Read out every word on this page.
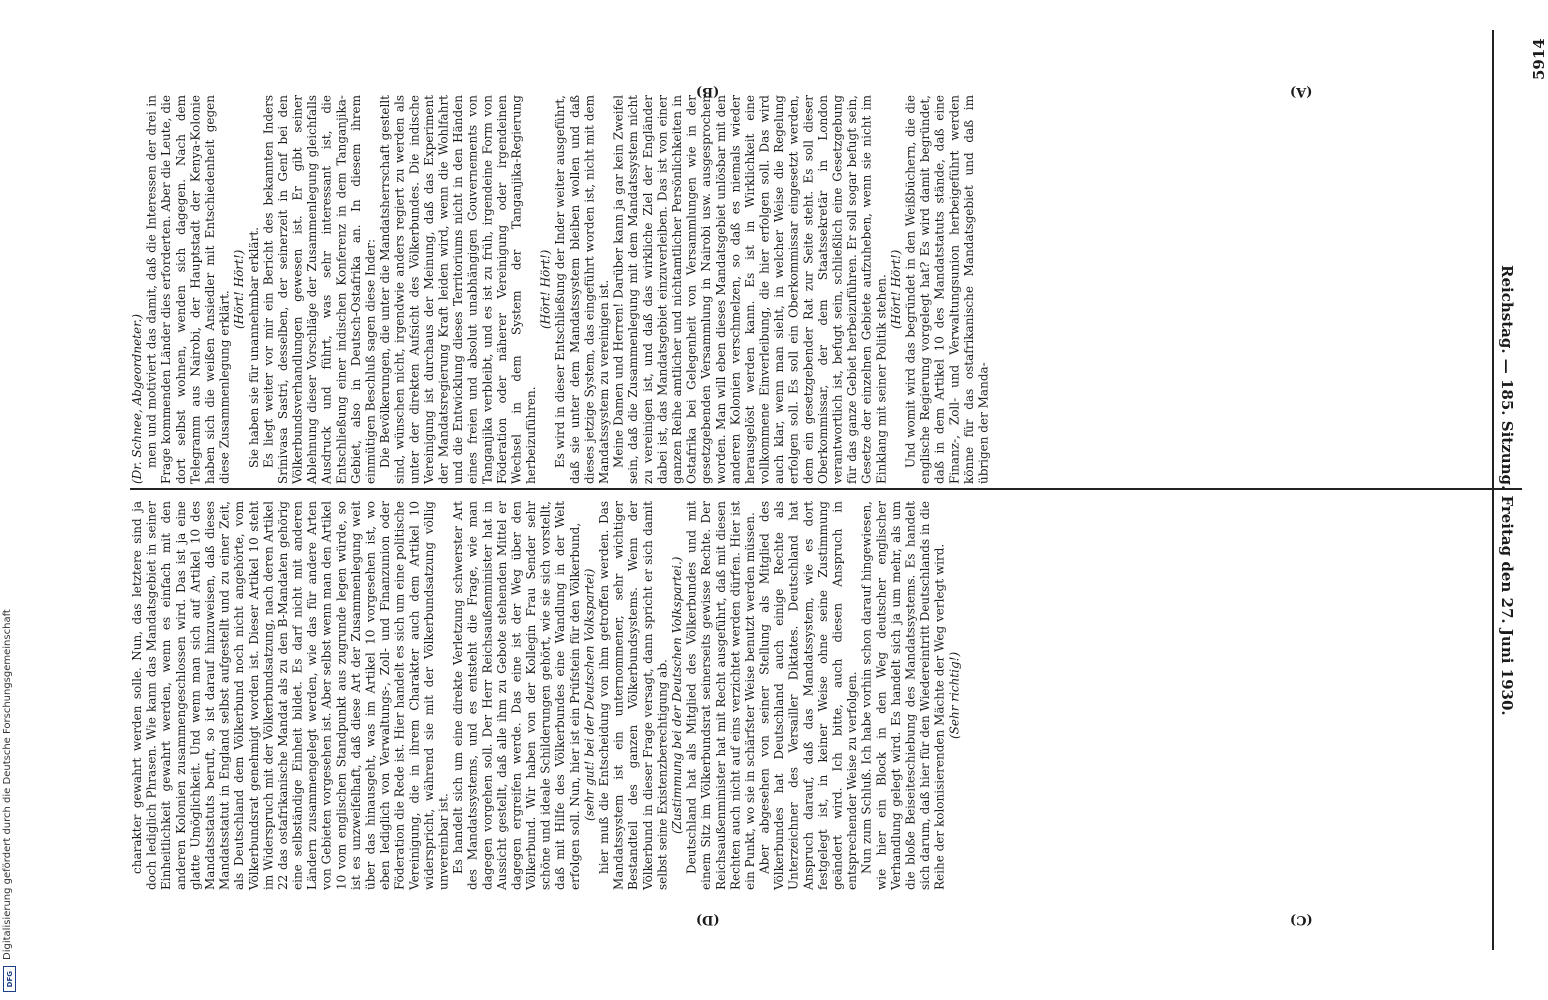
5914

(Dr. Schnee, Abgeordneter.) men und motiviert das damit, daß die Interessen der drei in Frage kommenden Länder dies erforderten. Aber die Leute, die dort selbst wohnen, wenden sich dagegen. Nach dem Telegramm aus Nairobi, der Hauptstadt der Kenya-Kolonie haben sich die weißen Ansiedler mit Entschiedenheit gegen diese Zusammenlegung erklärt.

(Hört! Hört!) Sie haben sie für unannehmbar erklärt. Es liegt weiter vor mir ein Bericht des bekannten Inders Srinivasa Sastri, desselben, der seinerzeit in Genf bei den Völkerbundsverhandlungen gewesen ist. Er gibt seiner Ablehnung dieser Vorschläge der Zusammenlegung gleichfalls Ausdruck und führt, was sehr interessant ist, die Entschließung einer indischen Konferenz in dem Tanganjika-Gebiet, also in Deutsch-Ostafrika an. In diesem ihrem einmütigen Beschluß sagen diese Inder: Die Bevölkerungen, die unter die Mandatsherrschaft gestellt sind, wünschen nicht, irgendwie anders regiert zu werden als unter der direkten Aufsicht des Völkerbundes. Die indische Vereinigung ist durchaus der Meinung, daß das Experiment der Mandatsregierung Kraft leiden wird, wenn die Wohlfahrt und die Entwicklung dieses Territoriums nicht in den Händen eines freien und absolut unabhängigen Gouvernements von Tanganjika verbleibt, und es ist zu früh, irgendeine Form von Föderation oder näherer Vereinigung oder irgendeinen Wechsel in dem System der Tanganjika-Regierung herbeizuführen.

(Hört! Hört!) Es wird in dieser Entschließung der Inder weiter ausgeführt, daß sie unter dem Mandatssystem bleiben wollen und daß dieses jetzige System, das eingeführt worden ist, nicht mit dem Mandatssystem zu vereinigen ist. Meine Damen und Herren! Darüber kann ja gar kein Zweifel sein, daß die Zusammenlegung mit dem Mandatssystem nicht zu vereinigen ist, und daß das wirkliche Ziel der Engländer dabei ist, das Mandatsgebiet einzuverleiben. Das ist von einer ganzen Reihe amtlicher und nichtamtlicher Persönlichkeiten in Ostafrika bei Gelegenheit von Versammlungen wie in der gesetzgebenden Versammlung in Nairobi usw. ausgesprochen worden. Man will eben dieses Mandatsgebiet unlösbar mit den anderen Kolonien verschmelzen, so daß es niemals wieder herausgelöst werden kann. Es ist in Wirklichkeit eine vollkommene Einverleibung, die hier erfolgen soll. Das wird auch klar, wenn man sieht, in welcher Weise die Regelung erfolgen soll. Es soll ein Oberkommissar eingesetzt werden, dem ein gesetzgebender Rat zur Seite steht. Es soll dieser Oberkommissar, der dem Staatssekretär in London verantwortlich ist, befugt sein, schließlich eine Gesetzgebung für das ganze Gebiet herbeizuführen. Er soll sogar befugt sein, Gesetze der einzelnen Gebiete aufzuheben, wenn sie nicht im Einklang mit seiner Politik stehen. (Hört! Hört!) Und womit wird das begründet in den Weißbüchern, die die englische Regierung vorgelegt hat? Es wird damit begründet, daß in dem Artikel 10 des Mandatstatuts stände, daß eine Finanz-, Zoll- und Verwaltungsunion herbeigeführt werden könne für das ostafrikanische Mandatsgebiet und daß im übrigen der Manda-

charakter gewahrt werden solle. Nun, das letztere sind ja doch lediglich Phrasen. Wie kann das Mandatsgebiet in seiner Einheitlichkeit gewahrt werden, wenn es einfach mit den anderen Kolonien zusammengeschlossen wird. Das ist ja eine glatte Umöglichkeit. Und wenn man sich auf Artikel 10 des Mandatsstatuts beruft, so ist darauf hinzuweisen, daß dieses Mandatsstatut in England selbst aufgestellt und zu einer Zeit, als Deutschland dem Völkerbund noch nicht angehörte, vom Völkerbundsrat genehmigt worden ist. Dieser Artikel 10 steht im Widerspruch mit der Völkerbundsatzung, nach deren Artikel 22 das ostafrikanische Mandat als zu den B-Mandaten gehörig eine selbständige Einheit bildet. Es darf nicht mit anderen Ländern zusammengelegt werden, wie das für andere Arten von Gebieten vorgesehen ist. Aber selbst wenn man den Artikel 10 vom englischen Standpunkt aus zugrunde legen würde, so ist es unzweifelhaft, daß diese Art der Zusammenlegung weit über das hinausgeht, was im Artikel 10 vorgesehen ist, wo eben lediglich von Verwaltungs-, Zoll- und Finanzunion oder Föderation die Rede ist. Hier handelt es sich um eine politische Vereinigung, die in ihrem Charakter auch dem Artikel 10 widerspricht, während sie mit der Völkerbundsatzung völlig unvereinbar ist. Es handelt sich um eine direkte Verletzung schwerster Art des Mandatssystems, und es entsteht die Frage, wie man dagegen vorgehen soll. Der Herr Reichsaußenminister hat in Aussicht gestellt, daß alle ihm zu Gebote stehenden Mittel er dagegen ergreifen werde. Das eine ist der Weg über den Völkerbund. Wir haben von der Kollegin Frau Sender sehr schöne und ideale Schilderungen gehört, wie sie sich vorstellt, daß mit Hilfe des Völkerbundes eine Wandlung in der Welt erfolgen soll. Nun, hier ist ein Prüfstein für den Völkerbund, (sehr gut! bei der Deutschen Volkspartei) hier muß die Entscheidung von ihm getroffen werden. Das Mandatssystem ist ein unternommener, sehr wichtiger Bestandteil des ganzen Völkerbundsystems. Wenn der Völkerbund in dieser Frage versagt, dann spricht er sich damit selbst seine Existenzberechtigung ab. (Zustimmung bei der Deutschen Volkspartei.) Deutschland hat als Mitglied des Völkerbundes und mit einem Sitz im Völkerbundsrat seinerseits gewisse Rechte. Der Reichsaußenminister hat mit Recht ausgeführt, daß mit diesen Rechten auch nicht auf eins verzichtet werden dürfen. Hier ist ein Punkt, wo sie in schärfster Weise benutzt werden müssen. Aber abgesehen von seiner Stellung als Mitglied des Völkerbundes hat Deutschland auch einige Rechte als Unterzeichner des Versailler Diktates. Deutschland hat Anspruch darauf, daß das Mandatssystem, wie es dort festgelegt ist, in keiner Weise ohne seine Zustimmung geändert wird. Ich bitte, auch diesen Anspruch in entsprechender Weise zu verfolgen. Nun zum Schluß. Ich habe vorhin schon darauf hingewiesen, wie hier ein Block in den Weg deutscher englischer Verhandlung gelegt wird. Es handelt sich ja um mehr, als um die bloße Beiseiteschiebung des Mandatssystems. Es handelt sich darum, daß hier für den Wiedereintritt Deutschlands in die Reihe der kolonisierenden Mächte der Weg verlegt wird. (Sehr richtig!)	Reichstag. — 185. Sitzung. Freitag den 27. Juni 1930.
(A)
(B)
(C)
(D)
Digitalisierung gefördert durch die Deutsche Forschungsgemeinschaft
DFG
